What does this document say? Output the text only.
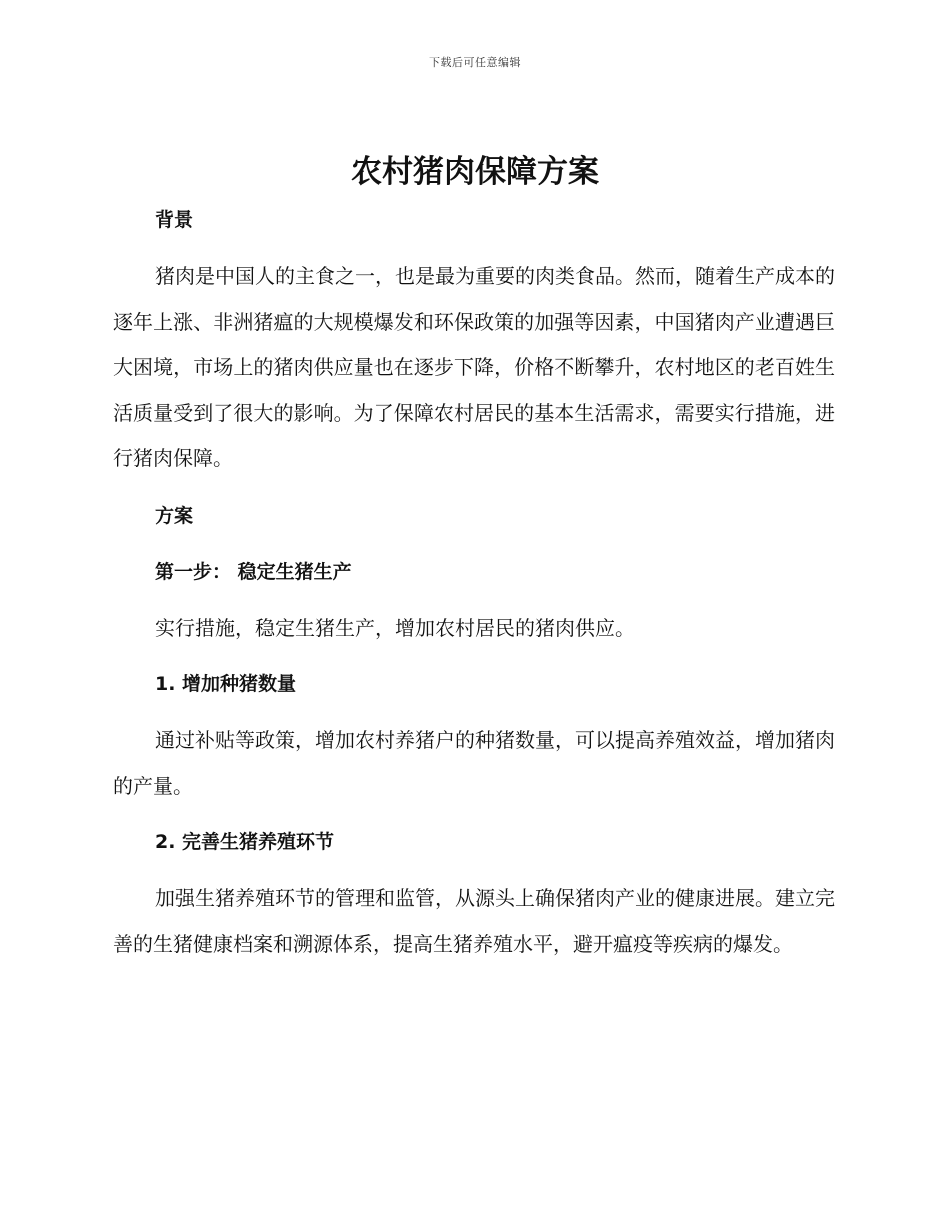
下载后可任意编辑
农村猪肉保障方案
背景

猪肉是中国人的主食之一，也是最为重要的肉类食品。然而，随着生产成本的逐年上涨、非洲猪瘟的大规模爆发和环保政策的加强等因素，中国猪肉产业遭遇巨大困境，市场上的猪肉供应量也在逐步下降，价格不断攀升，农村地区的老百姓生活质量受到了很大的影响。为了保障农村居民的基本生活需求，需要实行措施，进行猪肉保障。

方案
第一步： 稳定生猪生产

实行措施，稳定生猪生产，增加农村居民的猪肉供应。

1. 增加种猪数量

通过补贴等政策，增加农村养猪户的种猪数量，可以提高养殖效益，增加猪肉的产量。

2. 完善生猪养殖环节

加强生猪养殖环节的管理和监管，从源头上确保猪肉产业的健康进展。建立完善的生猪健康档案和溯源体系，提高生猪养殖水平，避开瘟疫等疾病的爆发。
